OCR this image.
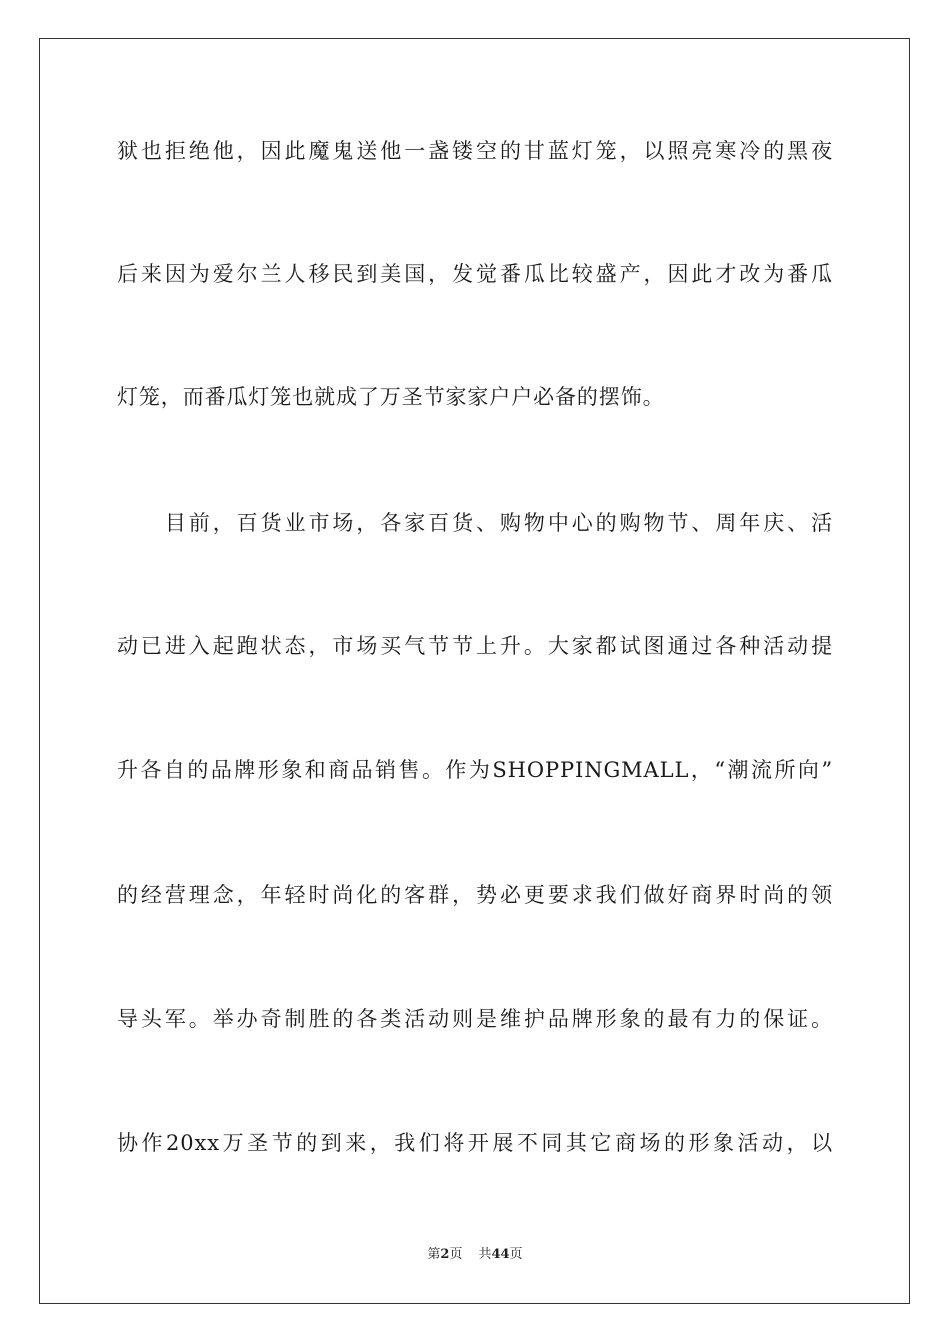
狱也拒绝他，因此魔鬼送他一盏镂空的甘蓝灯笼，以照亮寒冷的黑夜
后来因为爱尔兰人移民到美国，发觉番瓜比较盛产，因此才改为番瓜
灯笼，而番瓜灯笼也就成了万圣节家家户户必备的摆饰。
　　目前，百货业市场，各家百货、购物中心的购物节、周年庆、活
动已进入起跑状态，市场买气节节上升。大家都试图通过各种活动提
升各自的品牌形象和商品销售。作为SHOPPINGMALL，“潮流所向”
的经营理念，年轻时尚化的客群，势必更要求我们做好商界时尚的领
导头军。举办奇制胜的各类活动则是维护品牌形象的最有力的保证。
协作20xx万圣节的到来，我们将开展不同其它商场的形象活动，以
第2页 共44页
